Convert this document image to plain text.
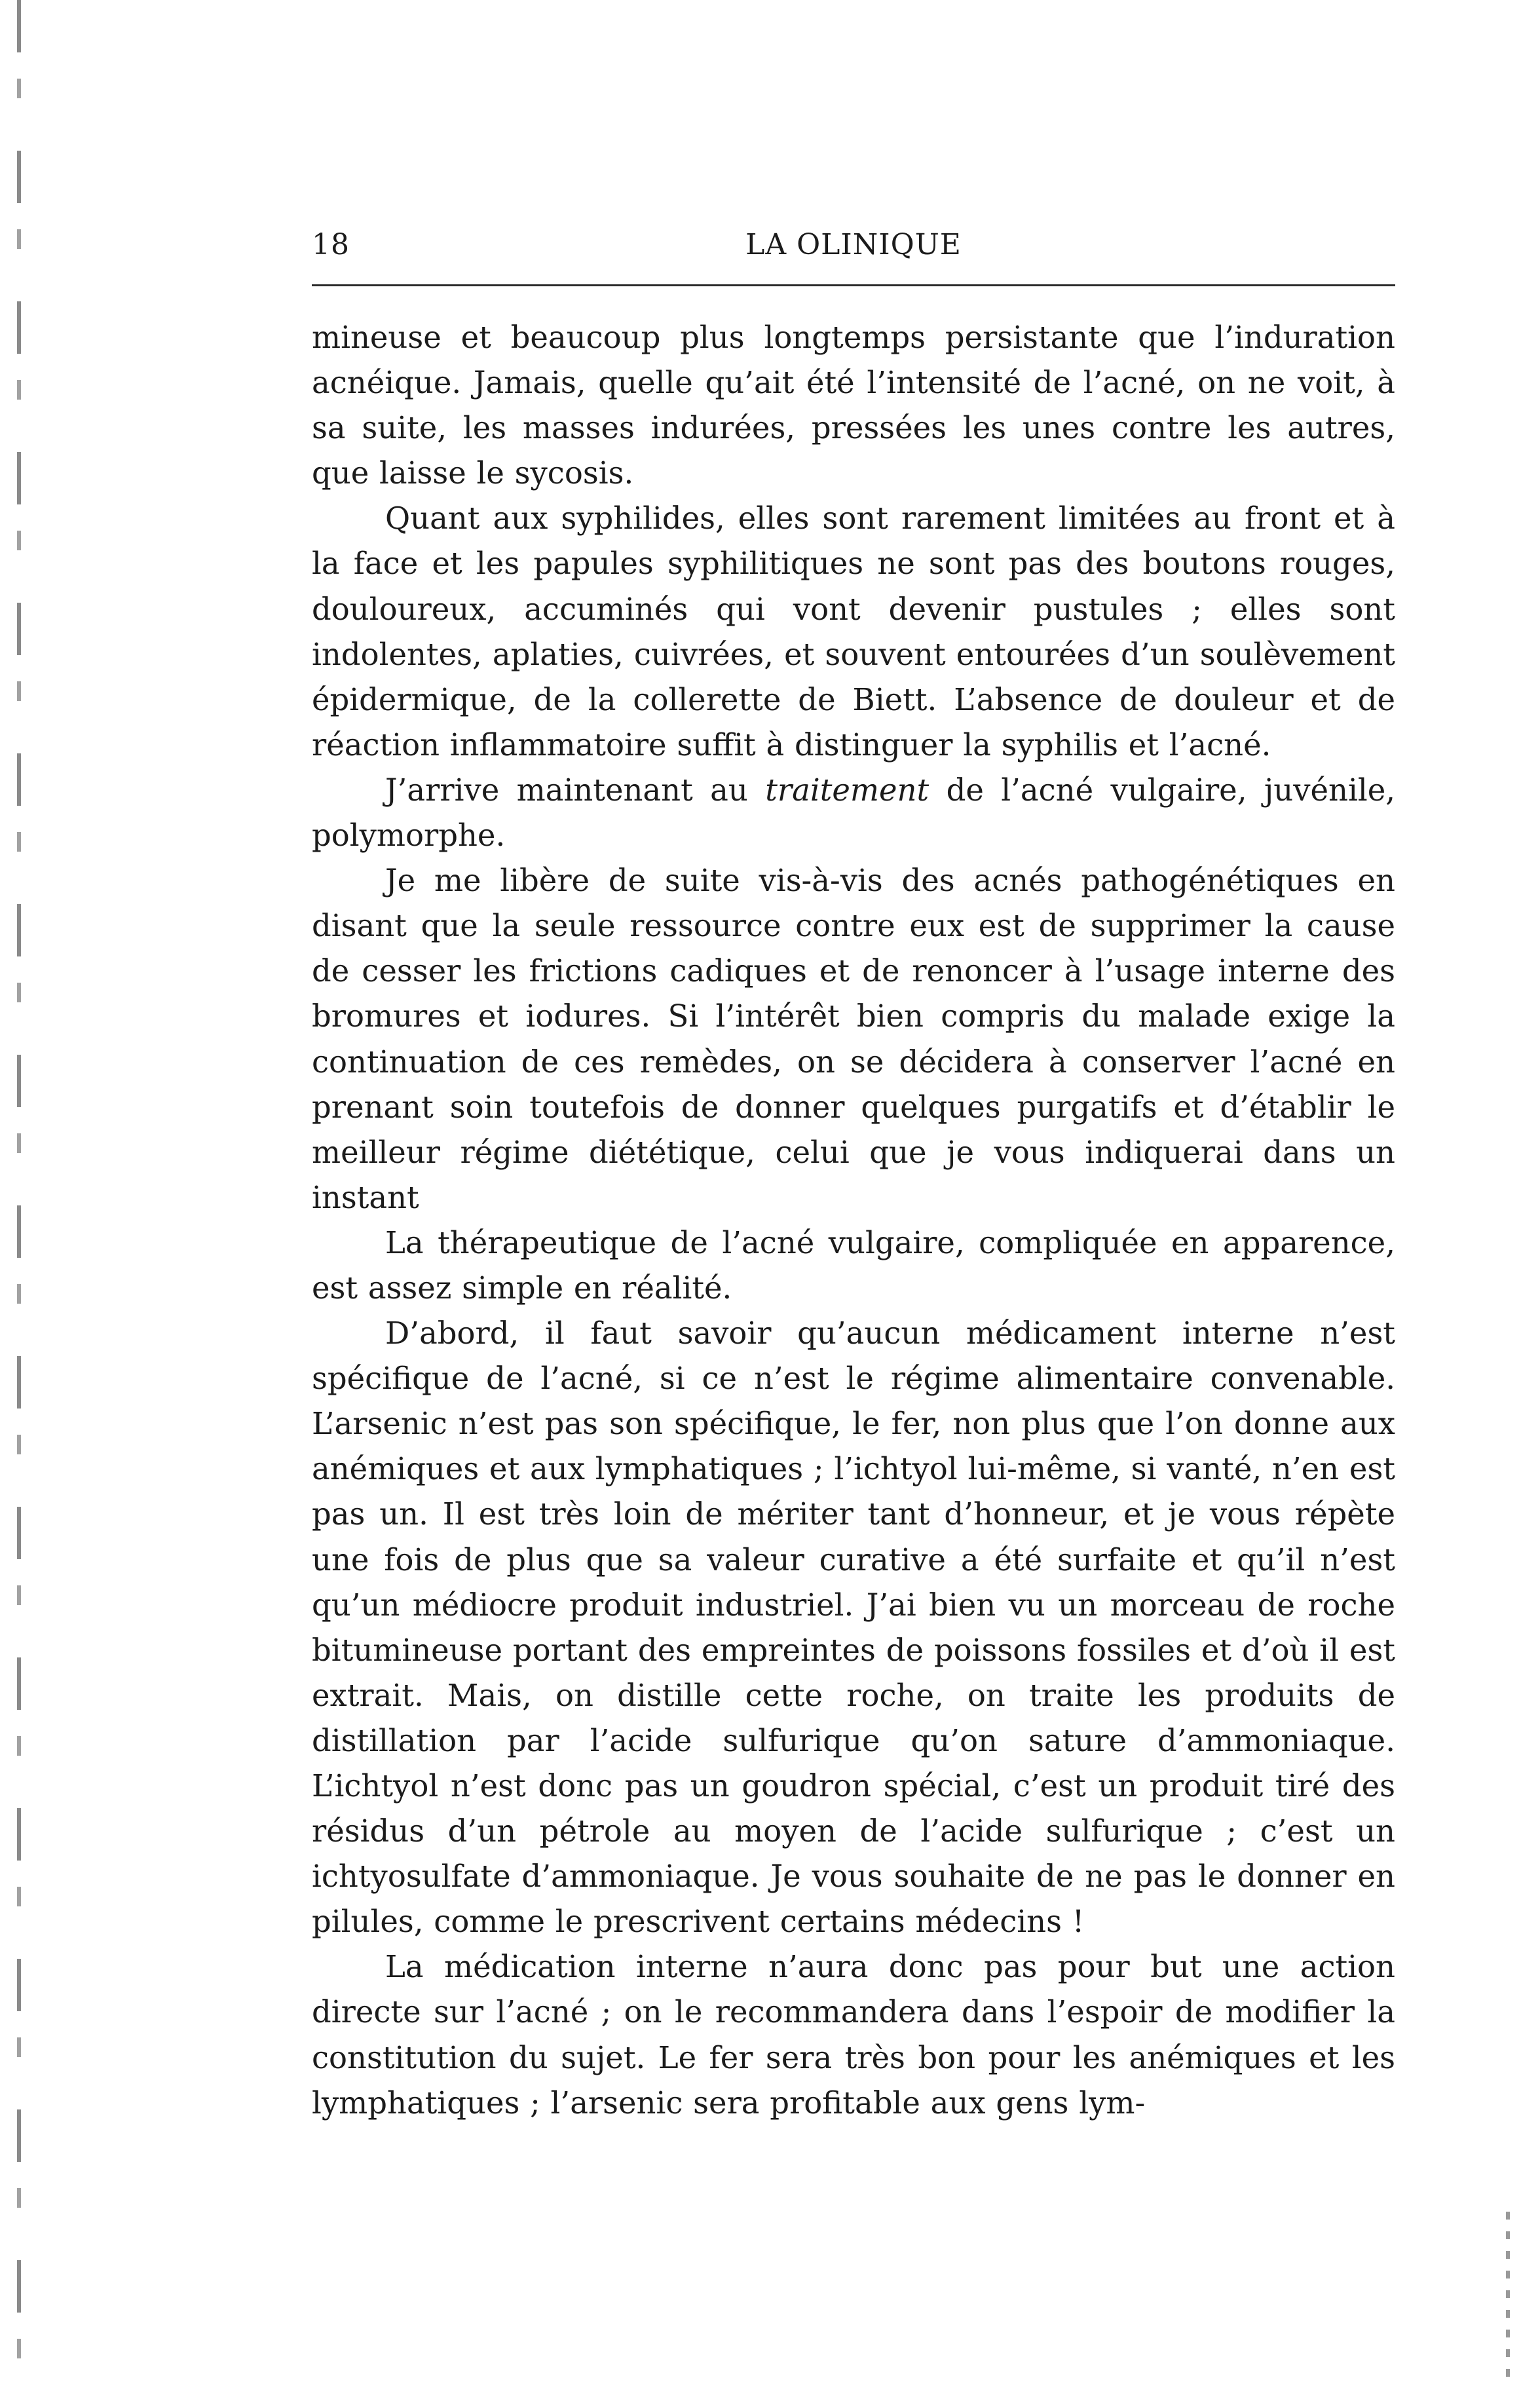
18	LA OLINIQUE

mineuse et beaucoup plus longtemps persistante que l’induration acnéique. Jamais, quelle qu’ait été l’intensité de l’acné, on ne voit, à sa suite, les masses indurées, pressées les unes contre les autres, que laisse le sycosis.

Quant aux syphilides, elles sont rarement limitées au front et à la face et les papules syphilitiques ne sont pas des boutons rouges, douloureux, accuminés qui vont devenir pustules ; elles sont indolentes, aplaties, cuivrées, et souvent entourées d’un soulèvement épidermique, de la collerette de Biett. L’absence de douleur et de réaction inflammatoire suffit à distinguer la syphilis et l’acné.

J’arrive maintenant au traitement de l’acné vulgaire, juvénile, polymorphe.

Je me libère de suite vis-à-vis des acnés pathogénétiques en disant que la seule ressource contre eux est de supprimer la cause de cesser les frictions cadiques et de renoncer à l’usage interne des bromures et iodures. Si l’intérêt bien compris du malade exige la continuation de ces remèdes, on se décidera à conserver l’acné en prenant soin toutefois de donner quelques purgatifs et d’établir le meilleur régime diététique, celui que je vous indiquerai dans un instant

La thérapeutique de l’acné vulgaire, compliquée en apparence, est assez simple en réalité.

D’abord, il faut savoir qu’aucun médicament interne n’est spécifique de l’acné, si ce n’est le régime alimentaire convenable. L’arsenic n’est pas son spécifique, le fer, non plus que l’on donne aux anémiques et aux lymphatiques ; l’ichtyol lui-même, si vanté, n’en est pas un. Il est très loin de mériter tant d’honneur, et je vous répète une fois de plus que sa valeur curative a été surfaite et qu’il n’est qu’un médiocre produit industriel. J’ai bien vu un morceau de roche bitumineuse portant des empreintes de poissons fossiles et d’où il est extrait. Mais, on distille cette roche, on traite les produits de distillation par l’acide sulfurique qu’on sature d’ammoniaque. L’ichtyol n’est donc pas un goudron spécial, c’est un produit tiré des résidus d’un pétrole au moyen de l’acide sulfurique ; c’est un ichtyosulfate d’ammoniaque. Je vous souhaite de ne pas le donner en pilules, comme le prescrivent certains médecins !

La médication interne n’aura donc pas pour but une action directe sur l’acné ; on le recommandera dans l’espoir de modifier la constitution du sujet. Le fer sera très bon pour les anémiques et les lymphatiques ; l’arsenic sera profitable aux gens lym-
